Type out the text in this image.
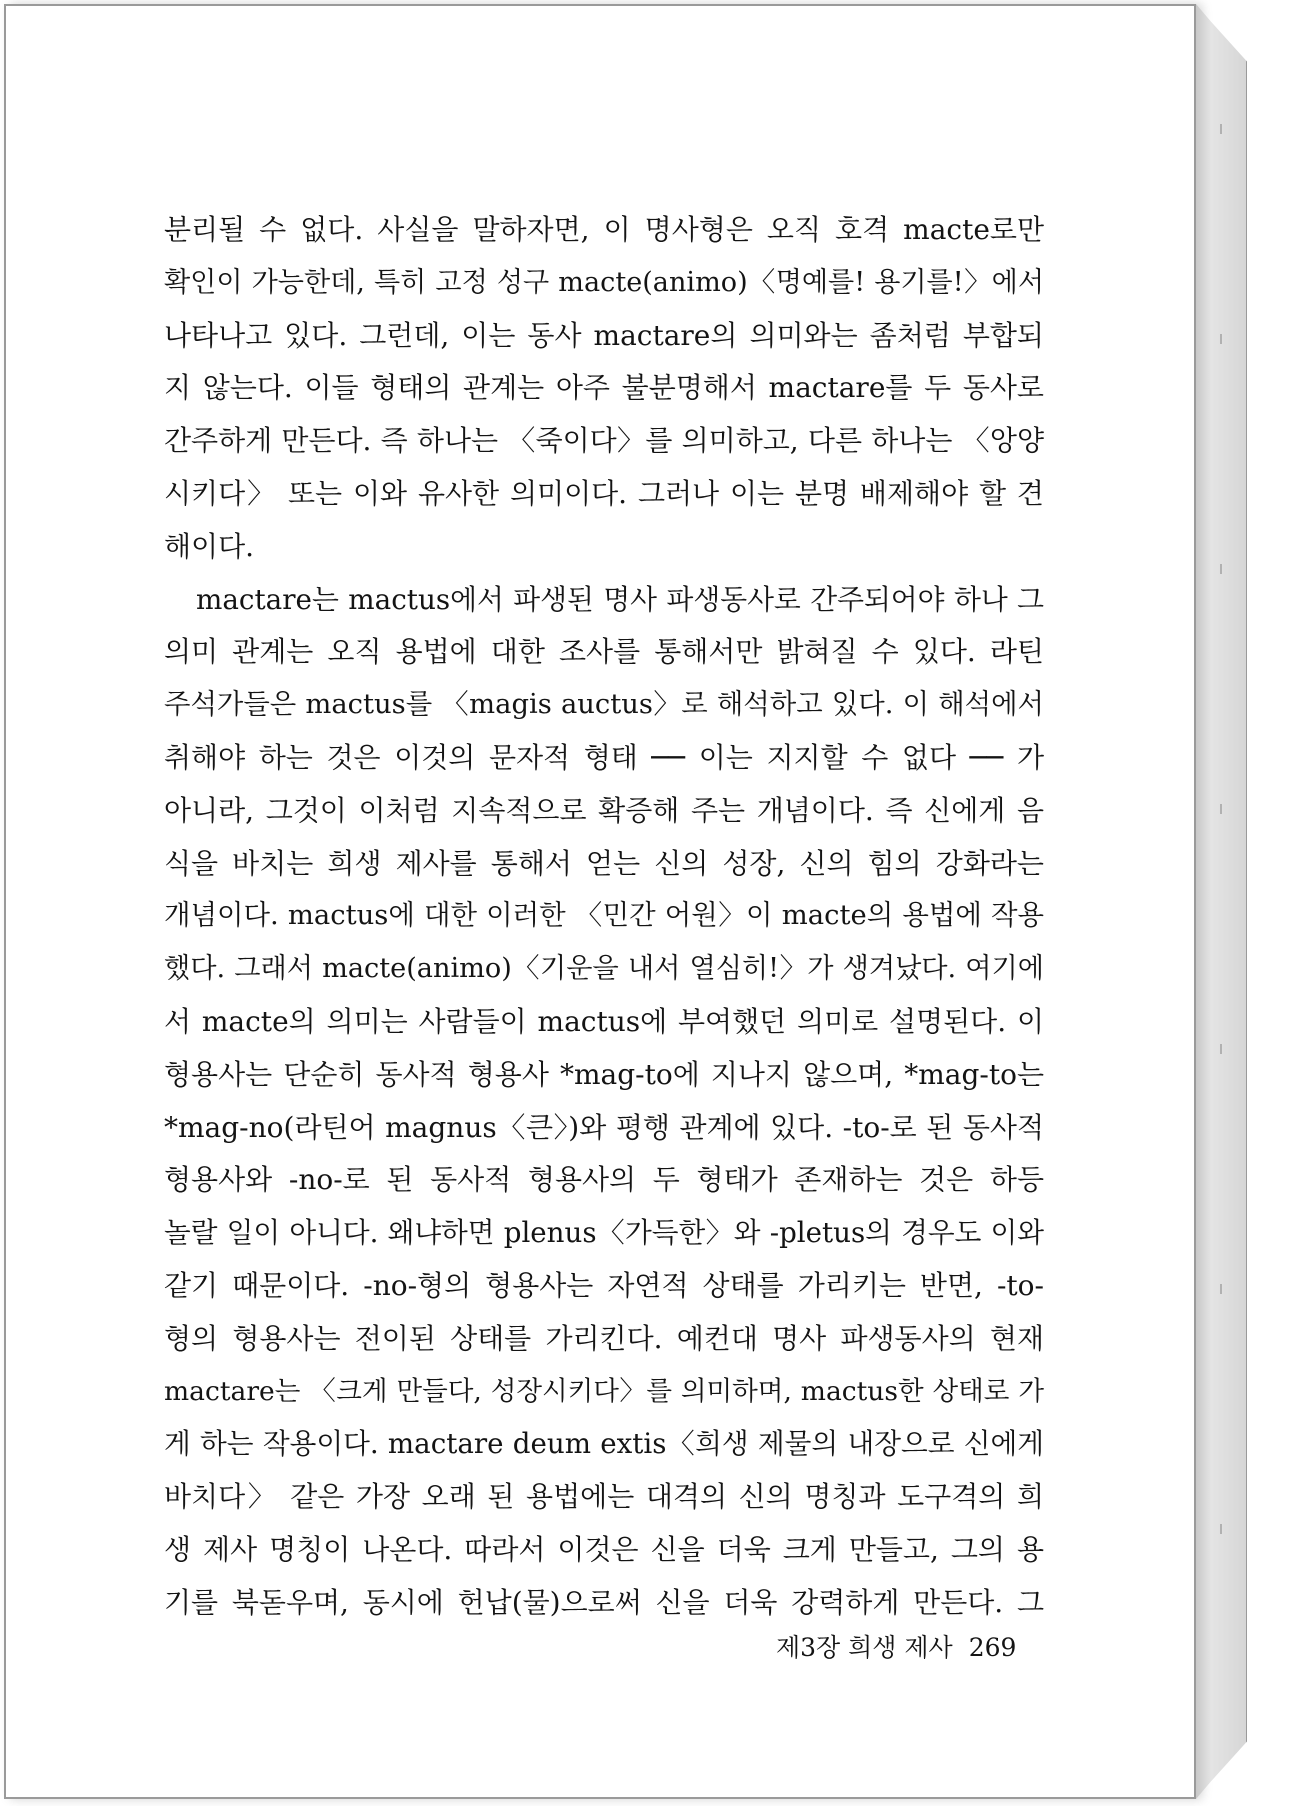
분리될 수 없다. 사실을 말하자면, 이 명사형은 오직 호격 macte로만
확인이 가능한데, 특히 고정 성구 macte(animo)〈명예를! 용기를!〉에서
나타나고 있다. 그런데, 이는 동사 mactare의 의미와는 좀처럼 부합되
지 않는다. 이들 형태의 관계는 아주 불분명해서 mactare를 두 동사로
간주하게 만든다. 즉 하나는 〈죽이다〉를 의미하고, 다른 하나는 〈앙양
시키다〉 또는 이와 유사한 의미이다. 그러나 이는 분명 배제해야 할 견
해이다.
mactare는 mactus에서 파생된 명사 파생동사로 간주되어야 하나 그
의미 관계는 오직 용법에 대한 조사를 통해서만 밝혀질 수 있다. 라틴
주석가들은 mactus를 〈magis auctus〉로 해석하고 있다. 이 해석에서
취해야 하는 것은 이것의 문자적 형태 ── 이는 지지할 수 없다 ── 가
아니라, 그것이 이처럼 지속적으로 확증해 주는 개념이다. 즉 신에게 음
식을 바치는 희생 제사를 통해서 얻는 신의 성장, 신의 힘의 강화라는
개념이다. mactus에 대한 이러한 〈민간 어원〉이 macte의 용법에 작용
했다. 그래서 macte(animo)〈기운을 내서 열심히!〉가 생겨났다. 여기에
서 macte의 의미는 사람들이 mactus에 부여했던 의미로 설명된다. 이
형용사는 단순히 동사적 형용사 *mag-to에 지나지 않으며, *mag-to는
*mag-no(라틴어 magnus〈큰〉)와 평행 관계에 있다. -to-로 된 동사적
형용사와 -no-로 된 동사적 형용사의 두 형태가 존재하는 것은 하등
놀랄 일이 아니다. 왜냐하면 plenus〈가득한〉와 -pletus의 경우도 이와
같기 때문이다. -no-형의 형용사는 자연적 상태를 가리키는 반면, -to-
형의 형용사는 전이된 상태를 가리킨다. 예컨대 명사 파생동사의 현재
mactare는 〈크게 만들다, 성장시키다〉를 의미하며, mactus한 상태로 가
게 하는 작용이다. mactare deum extis〈희생 제물의 내장으로 신에게
바치다〉 같은 가장 오래 된 용법에는 대격의 신의 명칭과 도구격의 희
생 제사 명칭이 나온다. 따라서 이것은 신을 더욱 크게 만들고, 그의 용
기를 북돋우며, 동시에 헌납(물)으로써 신을 더욱 강력하게 만든다. 그
제3장 희생 제사 269
